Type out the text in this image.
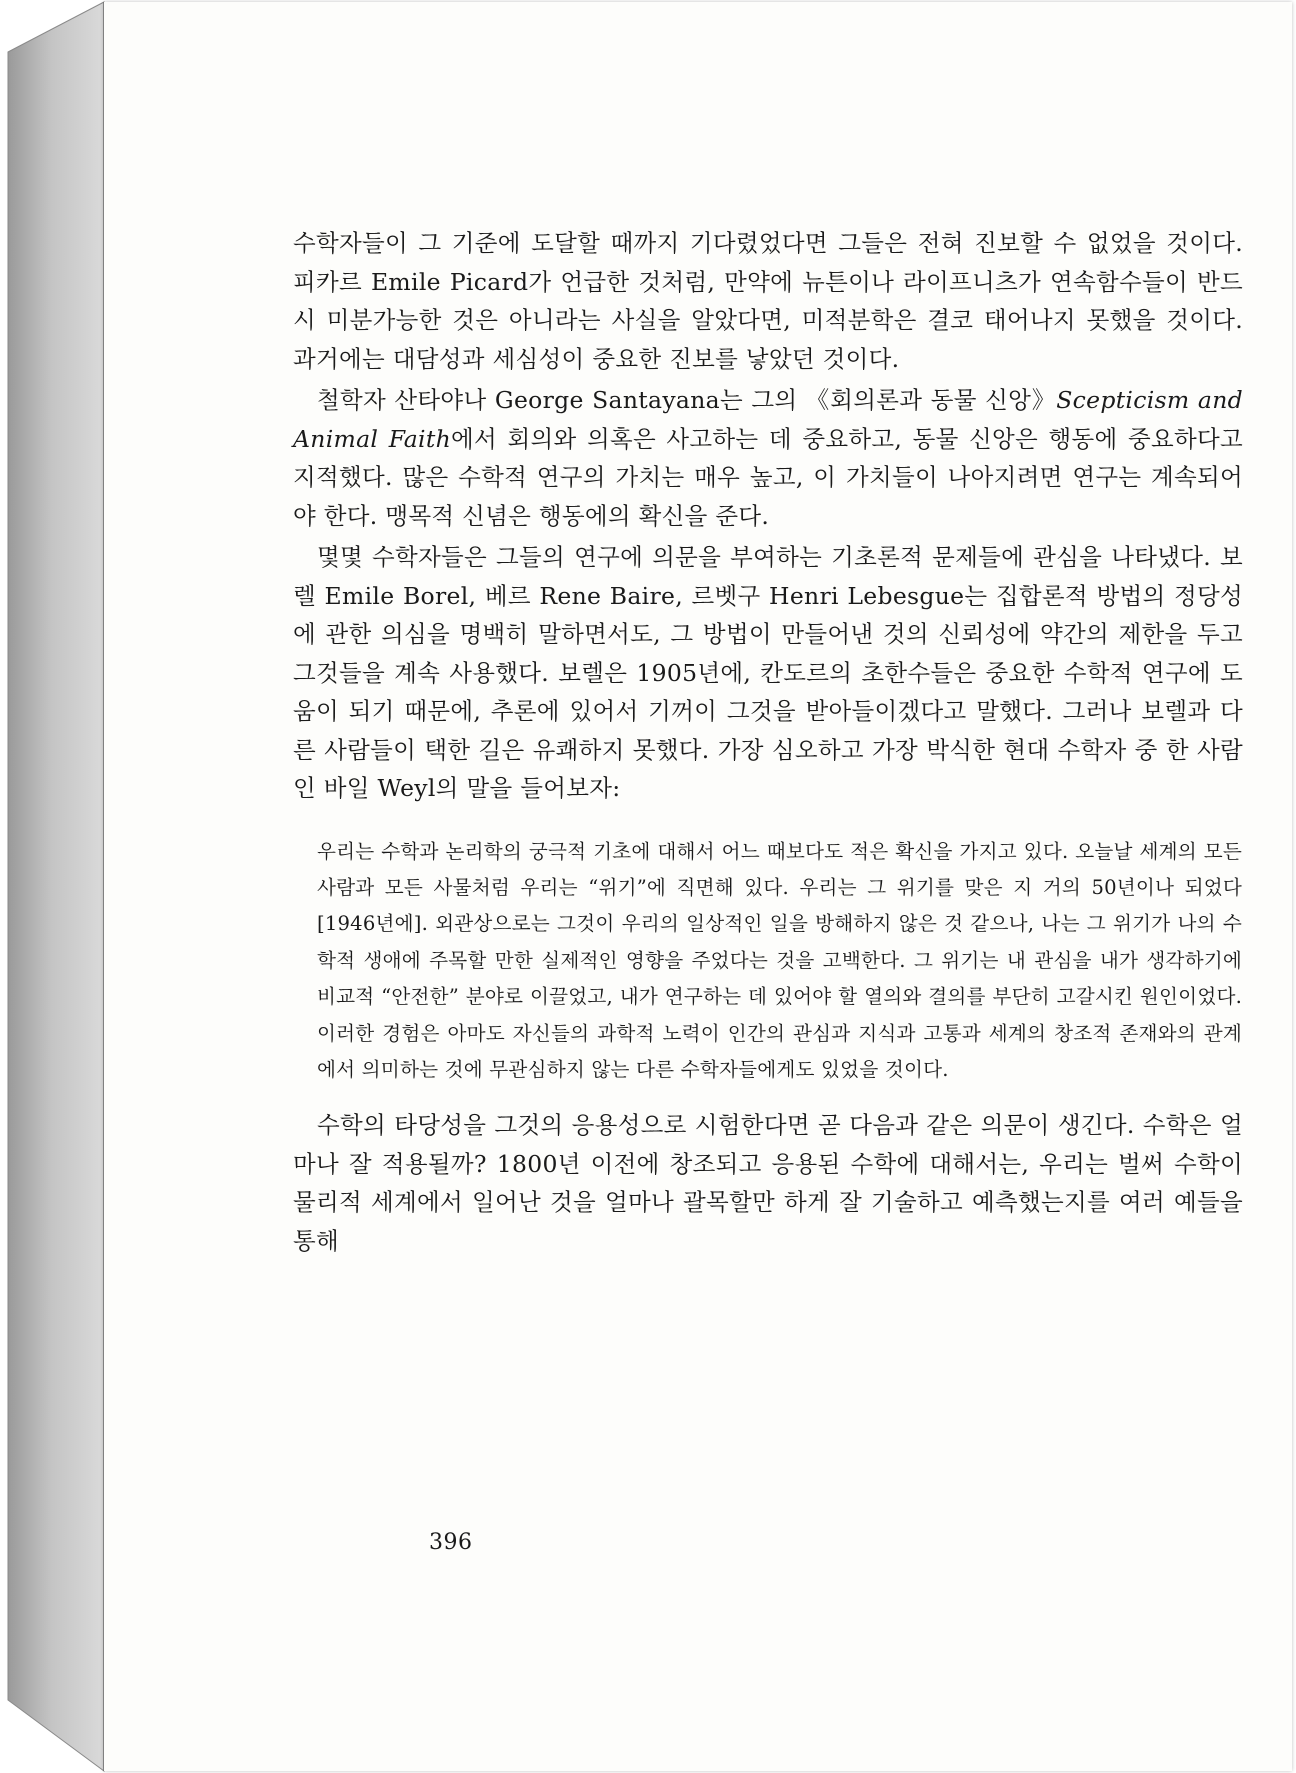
수학자들이 그 기준에 도달할 때까지 기다렸었다면 그들은 전혀 진보할 수 없었을 것이다. 피카르 Emile Picard가 언급한 것처럼, 만약에 뉴튼이나 라이프니츠가 연속함수들이 반드시 미분가능한 것은 아니라는 사실을 알았다면, 미적분학은 결코 태어나지 못했을 것이다. 과거에는 대담성과 세심성이 중요한 진보를 낳았던 것이다.

철학자 산타야나 George Santayana는 그의 《회의론과 동물 신앙》Scepticism and Animal Faith에서 회의와 의혹은 사고하는 데 중요하고, 동물 신앙은 행동에 중요하다고 지적했다. 많은 수학적 연구의 가치는 매우 높고, 이 가치들이 나아지려면 연구는 계속되어야 한다. 맹목적 신념은 행동에의 확신을 준다.

몇몇 수학자들은 그들의 연구에 의문을 부여하는 기초론적 문제들에 관심을 나타냈다. 보렐 Emile Borel, 베르 Rene Baire, 르벳구 Henri Lebesgue는 집합론적 방법의 정당성에 관한 의심을 명백히 말하면서도, 그 방법이 만들어낸 것의 신뢰성에 약간의 제한을 두고 그것들을 계속 사용했다. 보렐은 1905년에, 칸도르의 초한수들은 중요한 수학적 연구에 도움이 되기 때문에, 추론에 있어서 기꺼이 그것을 받아들이겠다고 말했다. 그러나 보렐과 다른 사람들이 택한 길은 유쾌하지 못했다. 가장 심오하고 가장 박식한 현대 수학자 중 한 사람인 바일 Weyl의 말을 들어보자:

우리는 수학과 논리학의 궁극적 기초에 대해서 어느 때보다도 적은 확신을 가지고 있다. 오늘날 세계의 모든 사람과 모든 사물처럼 우리는 “위기”에 직면해 있다. 우리는 그 위기를 맞은 지 거의 50년이나 되었다[1946년에]. 외관상으로는 그것이 우리의 일상적인 일을 방해하지 않은 것 같으나, 나는 그 위기가 나의 수학적 생애에 주목할 만한 실제적인 영향을 주었다는 것을 고백한다. 그 위기는 내 관심을 내가 생각하기에 비교적 “안전한” 분야로 이끌었고, 내가 연구하는 데 있어야 할 열의와 결의를 부단히 고갈시킨 원인이었다. 이러한 경험은 아마도 자신들의 과학적 노력이 인간의 관심과 지식과 고통과 세계의 창조적 존재와의 관계에서 의미하는 것에 무관심하지 않는 다른 수학자들에게도 있었을 것이다.

수학의 타당성을 그것의 응용성으로 시험한다면 곧 다음과 같은 의문이 생긴다. 수학은 얼마나 잘 적용될까? 1800년 이전에 창조되고 응용된 수학에 대해서는, 우리는 벌써 수학이 물리적 세계에서 일어난 것을 얼마나 괄목할만 하게 잘 기술하고 예측했는지를 여러 예들을 통해

396
